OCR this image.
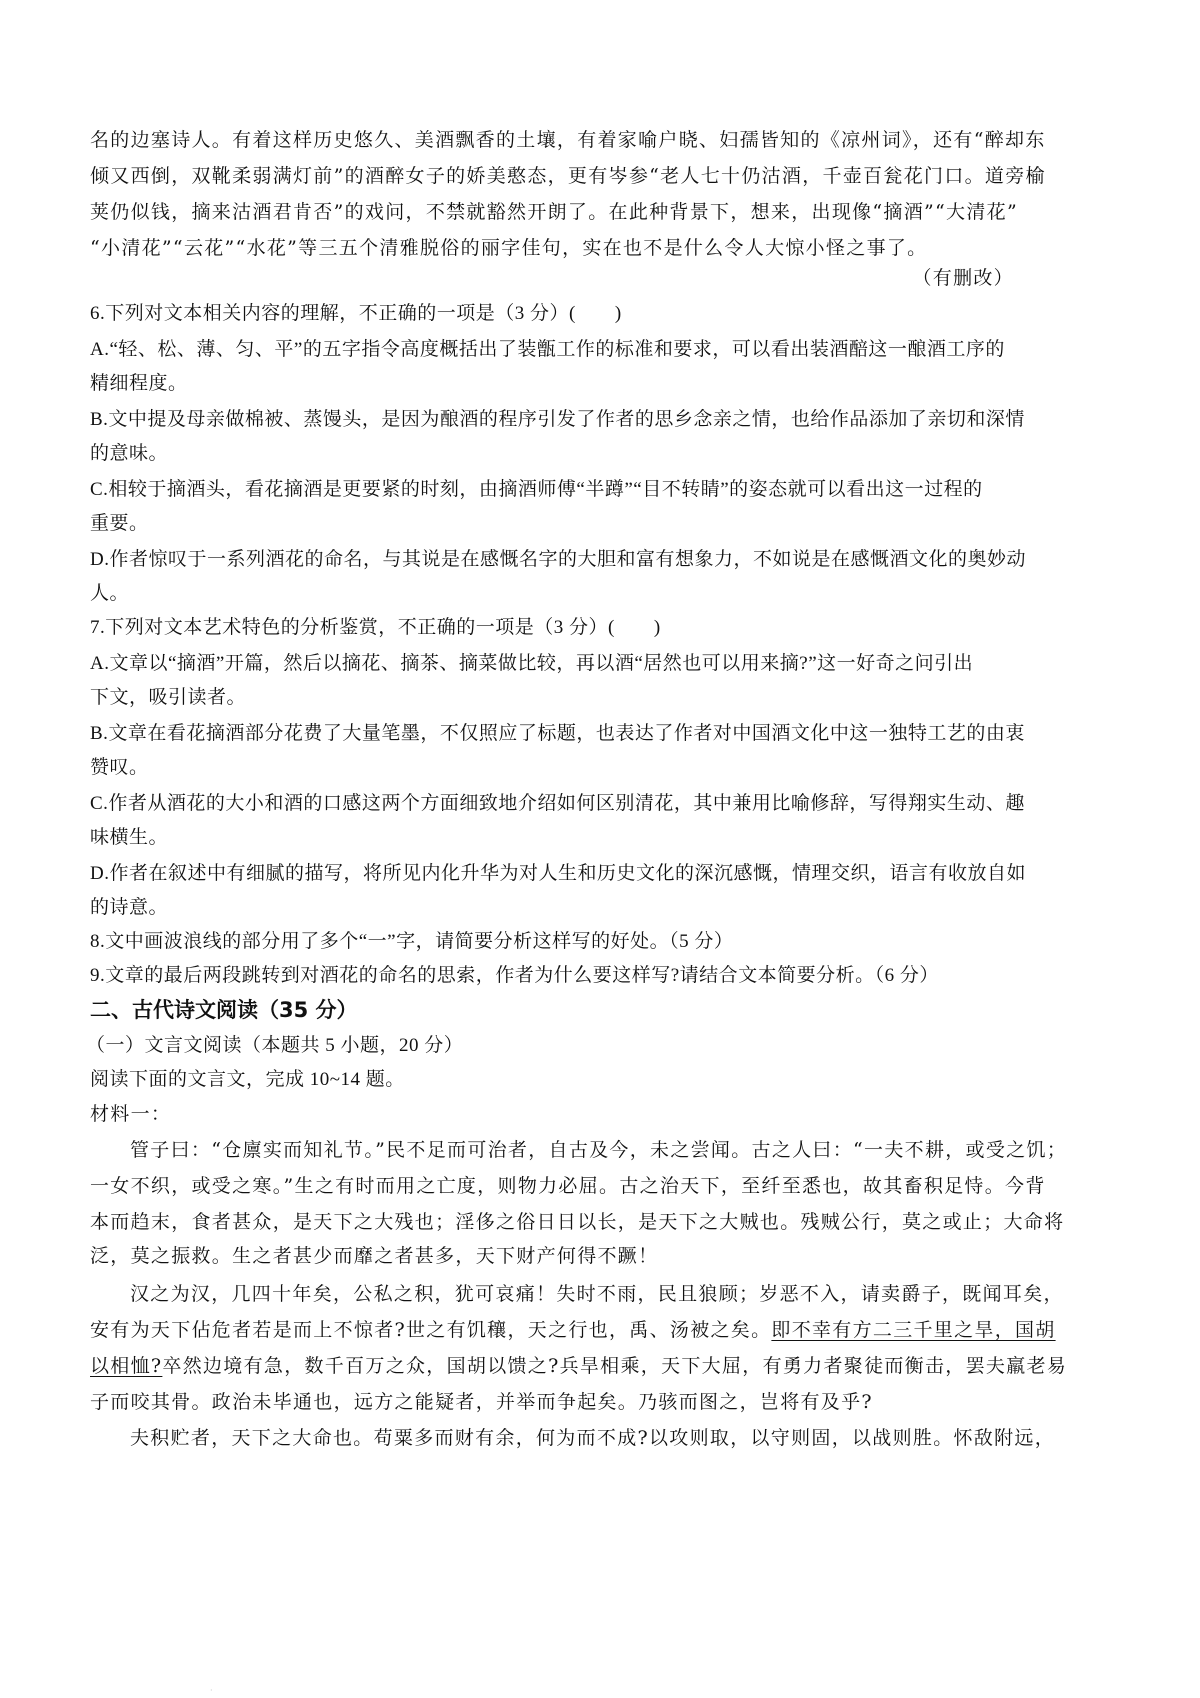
名的边塞诗人。有着这样历史悠久、美酒飘香的土壤，有着家喻户晓、妇孺皆知的《凉州词》，还有“醉却东
倾又西倒，双靴柔弱满灯前”的酒醉女子的娇美憨态，更有岑参“老人七十仍沽酒，千壶百瓮花门口。道旁榆
荚仍似钱，摘来沽酒君肯否”的戏问，不禁就豁然开朗了。在此种背景下，想来，出现像“摘酒”“大清花”
“小清花”“云花”“水花”等三五个清雅脱俗的丽字佳句，实在也不是什么令人大惊小怪之事了。
（有删改）
6.下列对文本相关内容的理解，不正确的一项是（3 分）(　　)
A.“轻、松、薄、匀、平”的五字指令高度概括出了装甑工作的标准和要求，可以看出装酒醅这一酿酒工序的
精细程度。
B.文中提及母亲做棉被、蒸馒头，是因为酿酒的程序引发了作者的思乡念亲之情，也给作品添加了亲切和深情
的意味。
C.相较于摘酒头，看花摘酒是更要紧的时刻，由摘酒师傅“半蹲”“目不转睛”的姿态就可以看出这一过程的
重要。
D.作者惊叹于一系列酒花的命名，与其说是在感慨名字的大胆和富有想象力，不如说是在感慨酒文化的奥妙动
人。
7.下列对文本艺术特色的分析鉴赏，不正确的一项是（3 分）(　　)
A.文章以“摘酒”开篇，然后以摘花、摘茶、摘菜做比较，再以酒“居然也可以用来摘?”这一好奇之问引出
下文，吸引读者。
B.文章在看花摘酒部分花费了大量笔墨，不仅照应了标题，也表达了作者对中国酒文化中这一独特工艺的由衷
赞叹。
C.作者从酒花的大小和酒的口感这两个方面细致地介绍如何区别清花，其中兼用比喻修辞，写得翔实生动、趣
味横生。
D.作者在叙述中有细腻的描写，将所见内化升华为对人生和历史文化的深沉感慨，情理交织，语言有收放自如
的诗意。
8.文中画波浪线的部分用了多个“一”字，请简要分析这样写的好处。（5 分）
9.文章的最后两段跳转到对酒花的命名的思索，作者为什么要这样写?请结合文本简要分析。（6 分）
二、古代诗文阅读（35 分）
（一）文言文阅读（本题共 5 小题，20 分）
阅读下面的文言文，完成 10~14 题。
材料一：
管子曰：“仓廪实而知礼节。”民不足而可治者，自古及今，未之尝闻。古之人曰：“一夫不耕，或受之饥；
一女不织，或受之寒。”生之有时而用之亡度，则物力必屈。古之治天下，至纤至悉也，故其畜积足恃。今背
本而趋末，食者甚众，是天下之大残也；淫侈之俗日日以长，是天下之大贼也。残贼公行，莫之或止；大命将
泛，莫之振救。生之者甚少而靡之者甚多，天下财产何得不蹶！
汉之为汉，几四十年矣，公私之积，犹可哀痛！失时不雨，民且狼顾；岁恶不入，请卖爵子，既闻耳矣，
安有为天下佔危者若是而上不惊者?世之有饥穰，天之行也，禹、汤被之矣。即不幸有方二三千里之旱，国胡
以相恤?卒然边境有急，数千百万之众，国胡以馈之?兵旱相乘，天下大屈，有勇力者聚徒而衡击，罢夫羸老易
子而咬其骨。政治未毕通也，远方之能疑者，并举而争起矣。乃骇而图之，岂将有及乎?
夫积贮者，天下之大命也。苟粟多而财有余，何为而不成?以攻则取，以守则固，以战则胜。怀敌附远，
·
